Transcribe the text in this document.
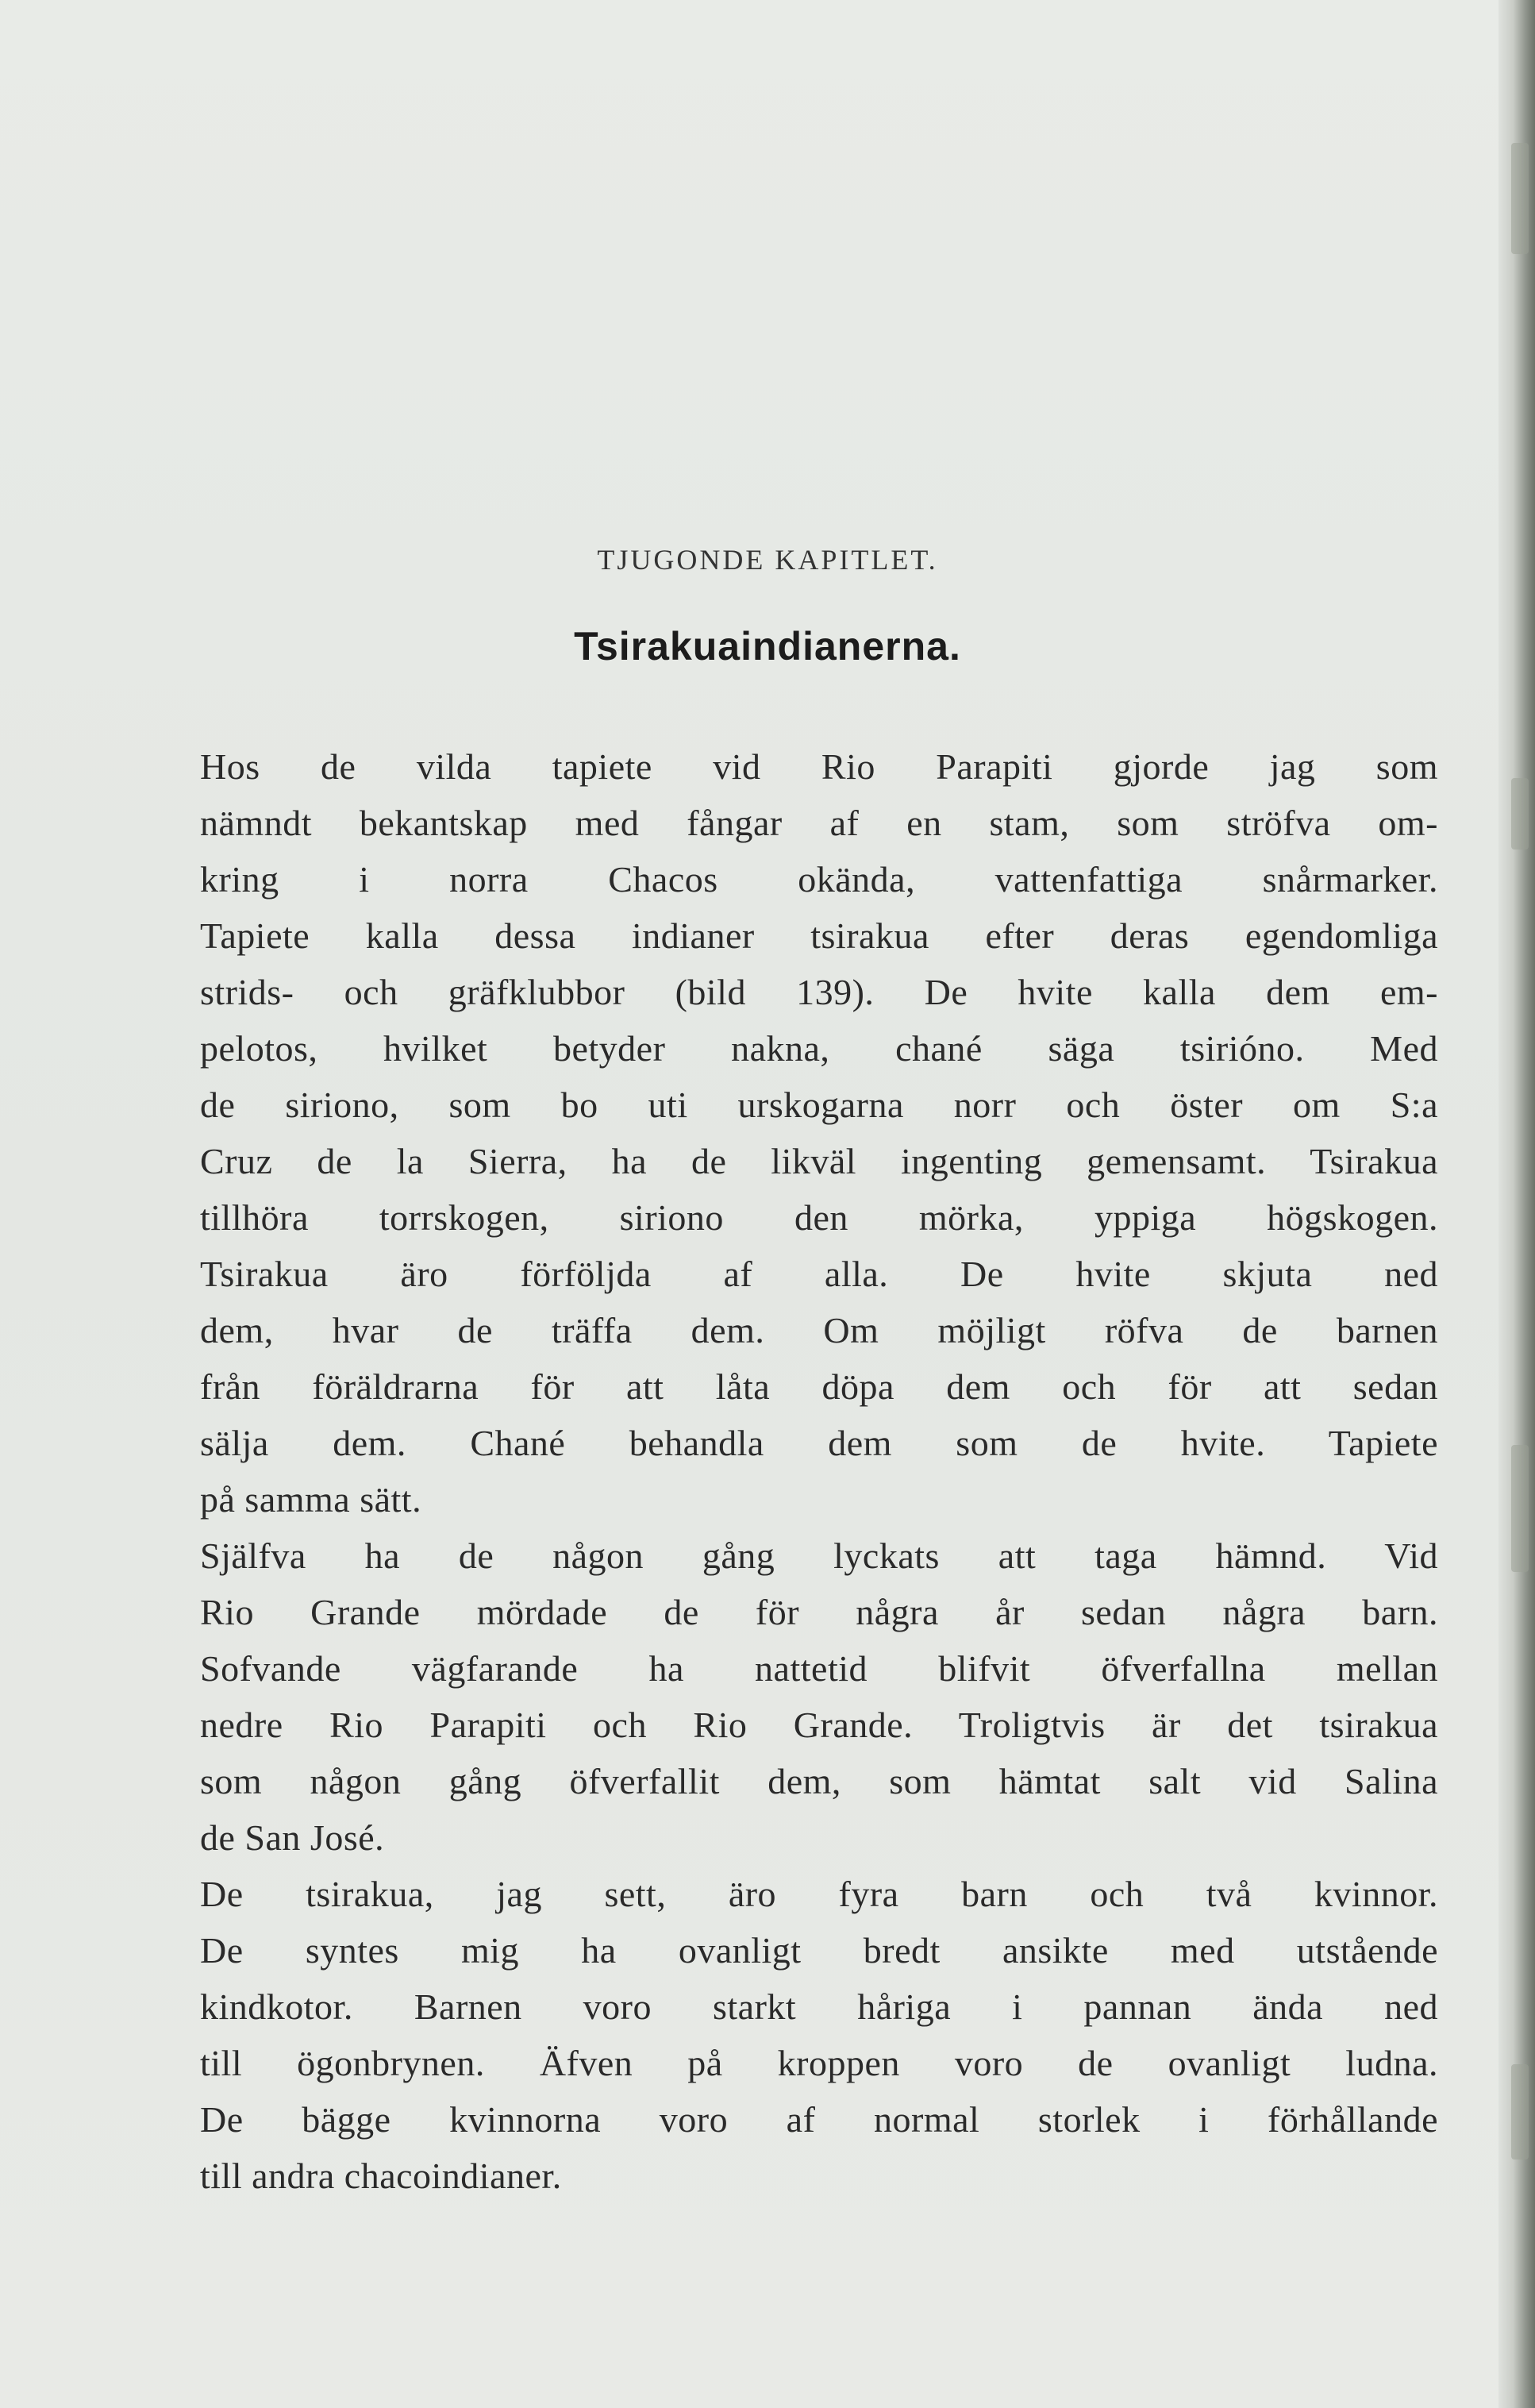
TJUGONDE KAPITLET.
Tsirakuaindianerna.
Hos de vilda tapiete vid Rio Parapiti gjorde jag som
nämndt bekantskap med fångar af en stam, som ströfva om-
kring i norra Chacos okända, vattenfattiga snårmarker.
Tapiete kalla dessa indianer tsirakua efter deras egendomliga
strids- och gräfklubbor (bild 139). De hvite kalla dem em-
pelotos, hvilket betyder nakna, chané säga tsirióno. Med
de siriono, som bo uti urskogarna norr och öster om S:a
Cruz de la Sierra, ha de likväl ingenting gemensamt. Tsirakua
tillhöra torrskogen, siriono den mörka, yppiga högskogen.
Tsirakua äro förföljda af alla. De hvite skjuta ned
dem, hvar de träffa dem. Om möjligt röfva de barnen
från föräldrarna för att låta döpa dem och för att sedan
sälja dem. Chané behandla dem som de hvite. Tapiete
på samma sätt.
Själfva ha de någon gång lyckats att taga hämnd. Vid
Rio Grande mördade de för några år sedan några barn.
Sofvande vägfarande ha nattetid blifvit öfverfallna mellan
nedre Rio Parapiti och Rio Grande. Troligtvis är det tsirakua
som någon gång öfverfallit dem, som hämtat salt vid Salina
de San José.
De tsirakua, jag sett, äro fyra barn och två kvinnor.
De syntes mig ha ovanligt bredt ansikte med utstående
kindkotor. Barnen voro starkt håriga i pannan ända ned
till ögonbrynen. Äfven på kroppen voro de ovanligt ludna.
De bägge kvinnorna voro af normal storlek i förhållande
till andra chacoindianer.
